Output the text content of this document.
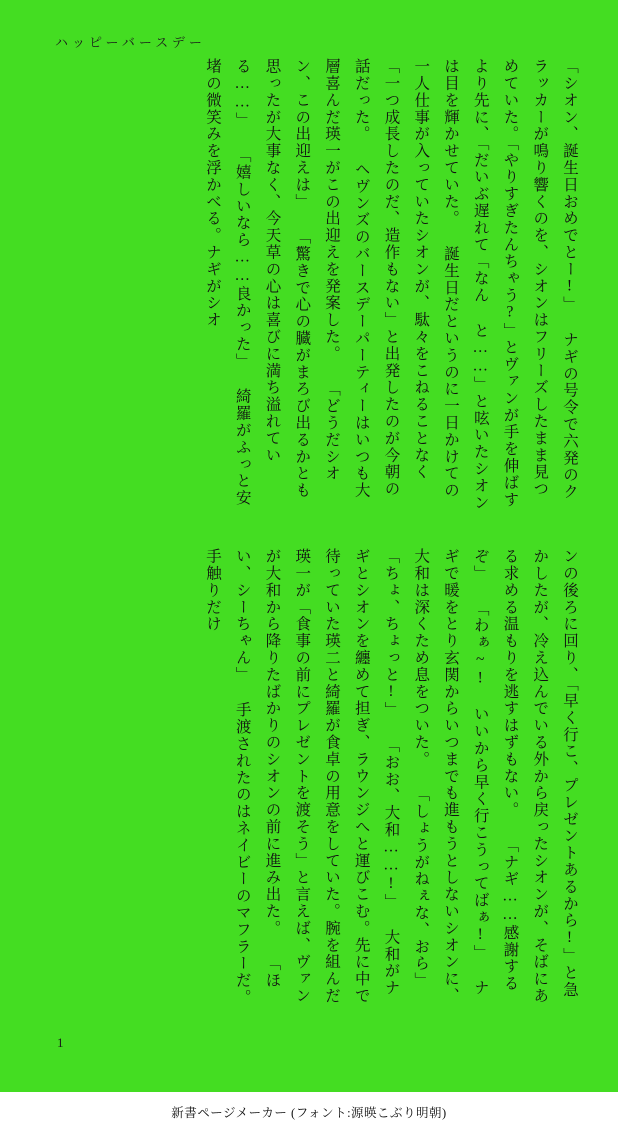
ハッピーバースデー
「シオン、誕生日おめでとー!」 ナギの号令で六発のクラッカーが鳴り響くのを、シオンはフリーズしたまま見つめていた。「やりすぎたんちゃう?」とヴァンが手を伸ばすより先に、「だいぶ遅れて「なん と……」と呟いたシオンは目を輝かせていた。 誕生日だというのに一日かけての一人仕事が入っていたシオンが、駄々をこねることなく「一つ成長したのだ、造作もない」と出発したのが今朝の話だった。 ヘヴンズのバースデーパーティーはいつも大層喜んだ瑛一がこの出迎えを発案した。 「どうだシオン、この出迎えは」 「驚きで心の臓がまろび出るかとも思ったが大事なく、今天草の心は喜びに満ち溢れている……」 「嬉しいなら……良かった」 綺羅がふっと安堵の微笑みを浮かべる。ナギがシオ
ンの後ろに回り、「早く行こ、プレゼントあるから!」と急かしたが、冷え込んでいる外から戻ったシオンが、そばにある求める温もりを逃すはずもない。 「ナギ……感謝するぞ」 「わぁ~! いいから早く行こうってばぁ!」 ナギで暖をとり玄関からいつまでも進もうとしないシオンに、大和は深くため息をついた。 「しょうがねぇな、おら」 「ちょ、ちょっと!」 「おお、大和……!」 大和がナギとシオンを纏めて担ぎ、ラウンジへと運びこむ。先に中で待っていた瑛二と綺羅が食卓の用意をしていた。腕を組んだ瑛一が「食事の前にプレゼントを渡そう」と言えば、ヴァンが大和から降りたばかりのシオンの前に進み出た。 「ほい、シーちゃん」 手渡されたのはネイビーのマフラーだ。手触りだけ
1
新書ページメーカー (フォント:源暎こぶり明朝)
